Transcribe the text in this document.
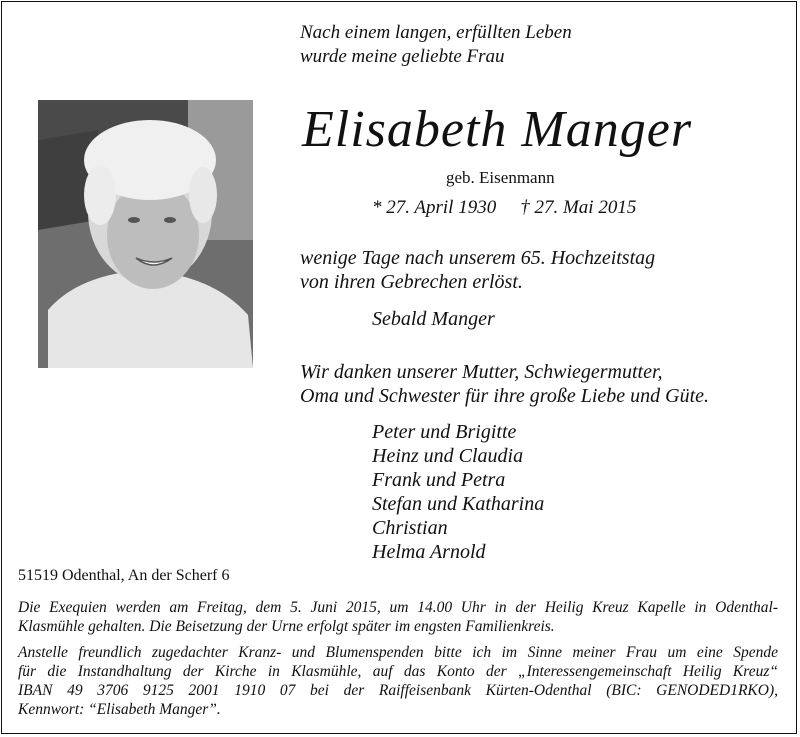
Nach einem langen, erfüllten Leben
wurde meine geliebte Frau
Elisabeth Manger
geb. Eisenmann
* 27. April 1930 † 27. Mai 2015
wenige Tage nach unserem 65. Hochzeitstag
von ihren Gebrechen erlöst.
Sebald Manger
Wir danken unserer Mutter, Schwiegermutter,
Oma und Schwester für ihre große Liebe und Güte.
Peter und Brigitte
Heinz und Claudia
Frank und Petra
Stefan und Katharina
Christian
Helma Arnold
51519 Odenthal, An der Scherf 6
Die Exequien werden am Freitag, dem 5. Juni 2015, um 14.00 Uhr in der Heilig Kreuz Kapelle in Odenthal-
Klasmühle gehalten. Die Beisetzung der Urne erfolgt später im engsten Familienkreis.
Anstelle freundlich zugedachter Kranz- und Blumenspenden bitte ich im Sinne meiner Frau um eine Spende
für die Instandhaltung der Kirche in Klasmühle, auf das Konto der „Interessengemeinschaft Heilig Kreuz“
IBAN 49 3706 9125 2001 1910 07 bei der Raiffeisenbank Kürten-Odenthal (BIC: GENODED1RKO),
Kennwort: “Elisabeth Manger”.
